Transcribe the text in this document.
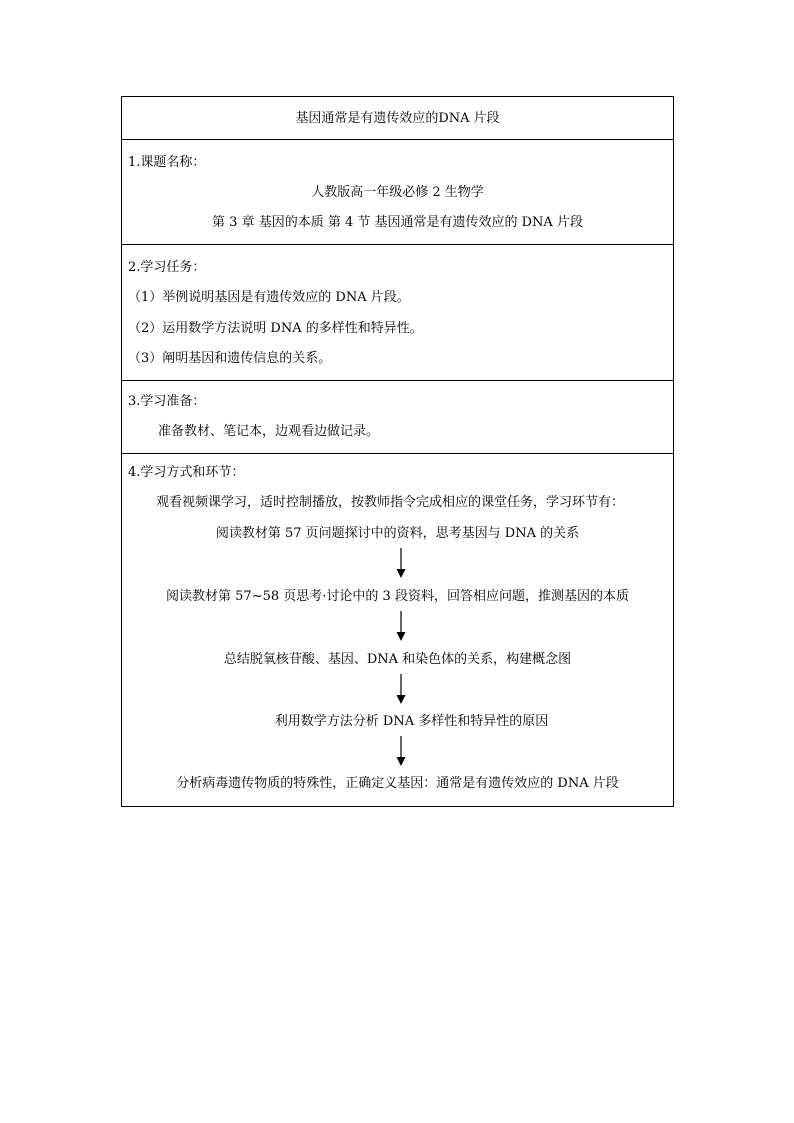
基因通常是有遗传效应的DNA 片段
1.课题名称：
人教版高一年级必修 2 生物学
第 3 章 基因的本质 第 4 节 基因通常是有遗传效应的 DNA 片段
2.学习任务：
（1）举例说明基因是有遗传效应的 DNA 片段。
（2）运用数学方法说明 DNA 的多样性和特异性。
（3）阐明基因和遗传信息的关系。
3.学习准备：
准备教材、笔记本，边观看边做记录。
4.学习方式和环节：
观看视频课学习，适时控制播放，按教师指令完成相应的课堂任务，学习环节有：
阅读教材第 57 页问题探讨中的资料，思考基因与 DNA 的关系
阅读教材第 57~58 页思考·讨论中的 3 段资料，回答相应问题，推测基因的本质
总结脱氧核苷酸、基因、DNA 和染色体的关系，构建概念图
利用数学方法分析 DNA 多样性和特异性的原因
分析病毒遗传物质的特殊性，正确定义基因：通常是有遗传效应的 DNA 片段
